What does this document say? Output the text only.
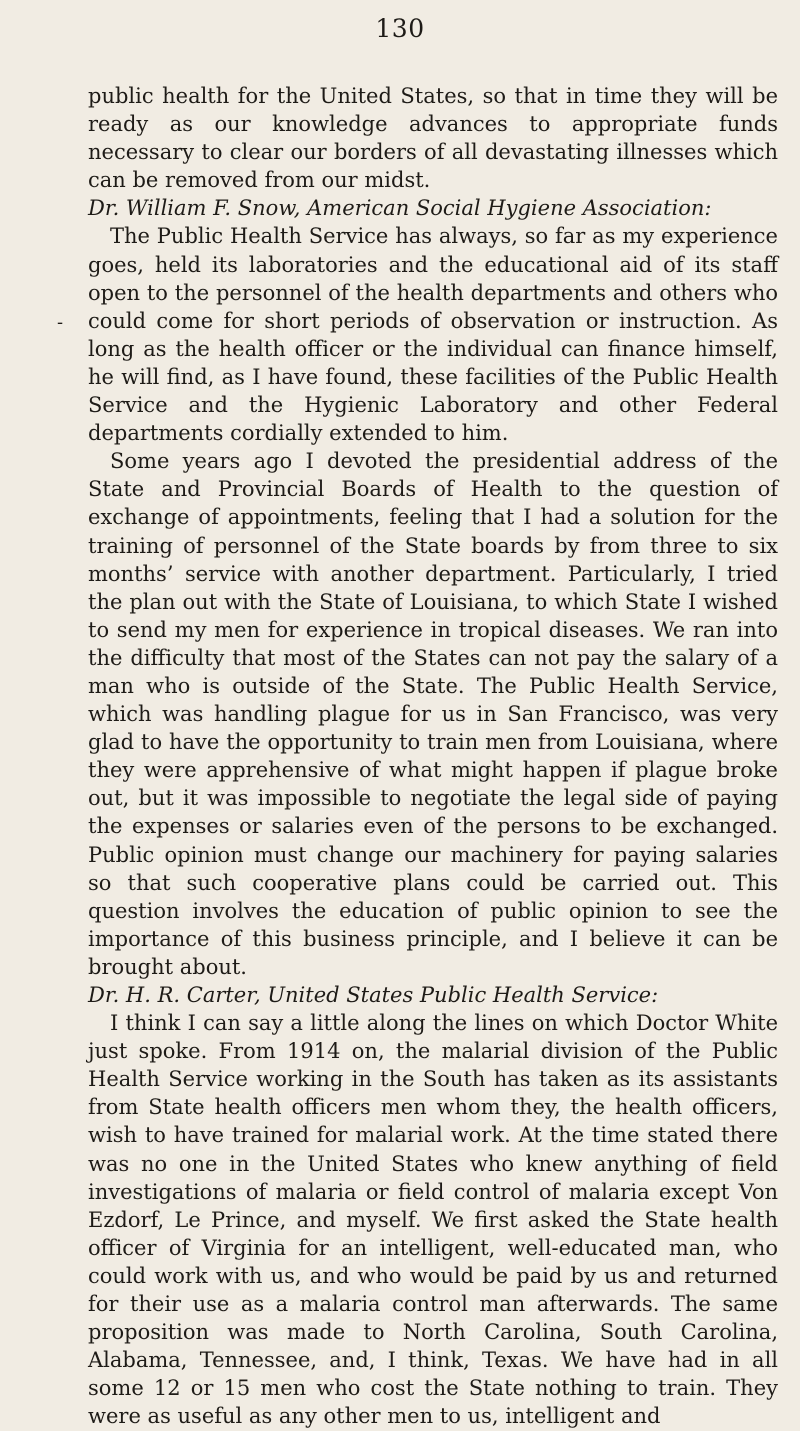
130
-

public health for the United States, so that in time they will be ready as our knowledge advances to appropriate funds necessary to clear our borders of all devastating illnesses which can be removed from our midst.

Dr. William F. Snow, American Social Hygiene Association:

The Public Health Service has always, so far as my experience goes, held its laboratories and the educational aid of its staff open to the personnel of the health departments and others who could come for short periods of observation or instruction. As long as the health officer or the individual can finance himself, he will find, as I have found, these facilities of the Public Health Service and the Hygienic Laboratory and other Federal departments cordially extended to him.

Some years ago I devoted the presidential address of the State and Provincial Boards of Health to the question of exchange of appointments, feeling that I had a solution for the training of personnel of the State boards by from three to six months’ service with another department. Particularly, I tried the plan out with the State of Louisiana, to which State I wished to send my men for experience in tropical diseases. We ran into the difficulty that most of the States can not pay the salary of a man who is outside of the State. The Public Health Service, which was handling plague for us in San Francisco, was very glad to have the opportunity to train men from Louisiana, where they were apprehensive of what might happen if plague broke out, but it was impossible to negotiate the legal side of paying the expenses or salaries even of the persons to be exchanged. Public opinion must change our machinery for paying salaries so that such cooperative plans could be carried out. This question involves the education of public opinion to see the importance of this business principle, and I believe it can be brought about.

Dr. H. R. Carter, United States Public Health Service:

I think I can say a little along the lines on which Doctor White just spoke. From 1914 on, the malarial division of the Public Health Service working in the South has taken as its assistants from State health officers men whom they, the health officers, wish to have trained for malarial work. At the time stated there was no one in the United States who knew anything of field investigations of malaria or field control of malaria except Von Ezdorf, Le Prince, and myself. We first asked the State health officer of Virginia for an intelligent, well-educated man, who could work with us, and who would be paid by us and returned for their use as a malaria control man afterwards. The same proposition was made to North Carolina, South Carolina, Alabama, Tennessee, and, I think, Texas. We have had in all some 12 or 15 men who cost the State nothing to train. They were as useful as any other men to us, intelligent and
